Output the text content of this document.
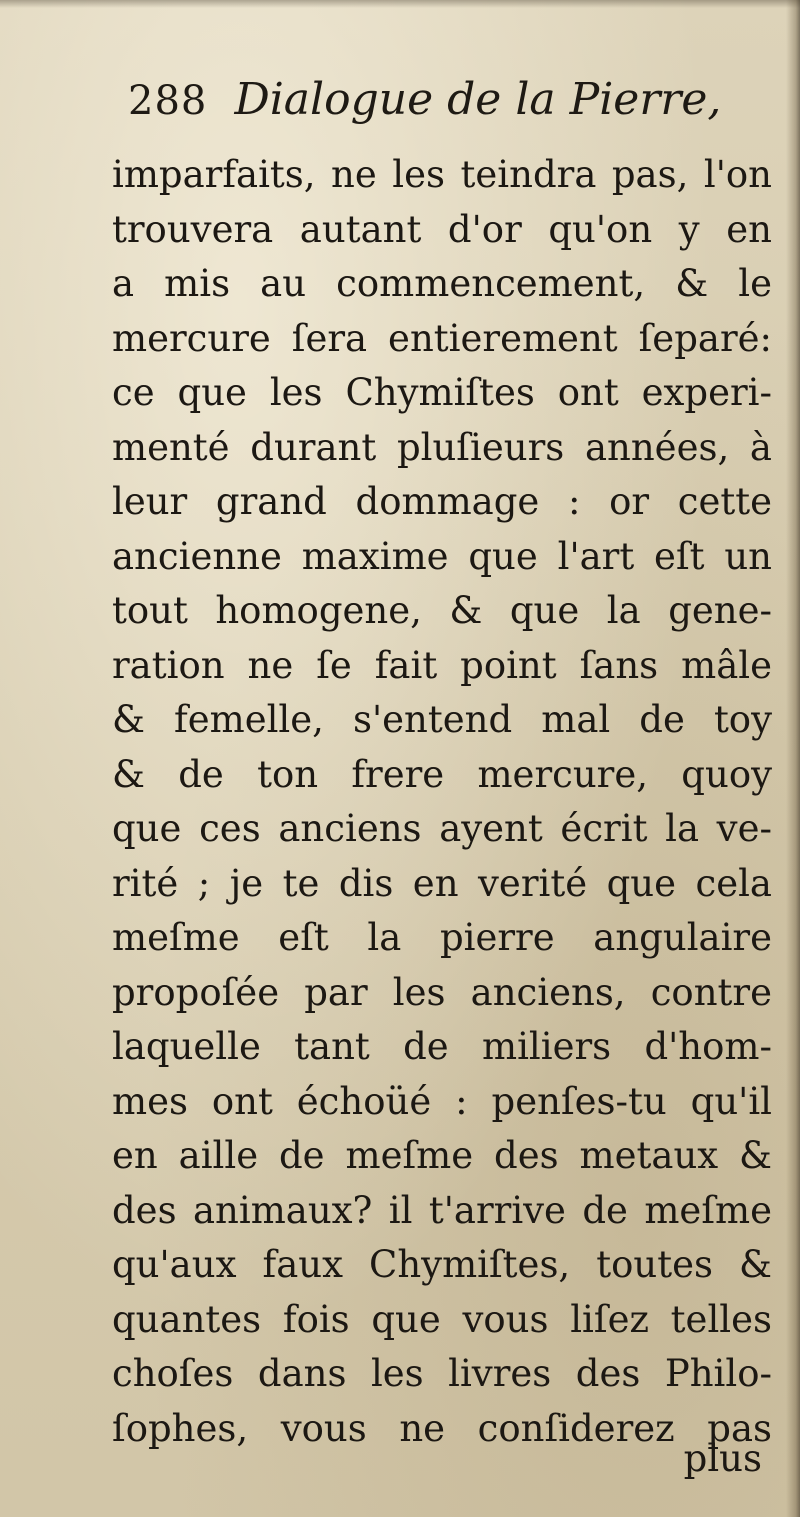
288 Dialogue de la Pierre,
imparfaits, ne les teindra pas, l'on
trouvera autant d'or qu'on y en
a mis au commencement, & le
mercure ſera entierement ſeparé:
ce que les Chymiſtes ont experi-
menté durant pluſieurs années, à
leur grand dommage : or cette
ancienne maxime que l'art eſt un
tout homogene, & que la gene-
ration ne ſe fait point ſans mâle
& femelle, s'entend mal de toy
& de ton frere mercure, quoy
que ces anciens ayent écrit la ve-
rité ; je te dis en verité que cela
meſme eſt la pierre angulaire
propoſée par les anciens, contre
laquelle tant de miliers d'hom-
mes ont échoüé : penſes-tu qu'il
en aille de meſme des metaux &
des animaux? il t'arrive de meſme
qu'aux faux Chymiſtes, toutes &
quantes fois que vous liſez telles
choſes dans les livres des Philo-
ſophes, vous ne conſiderez pas
plus
